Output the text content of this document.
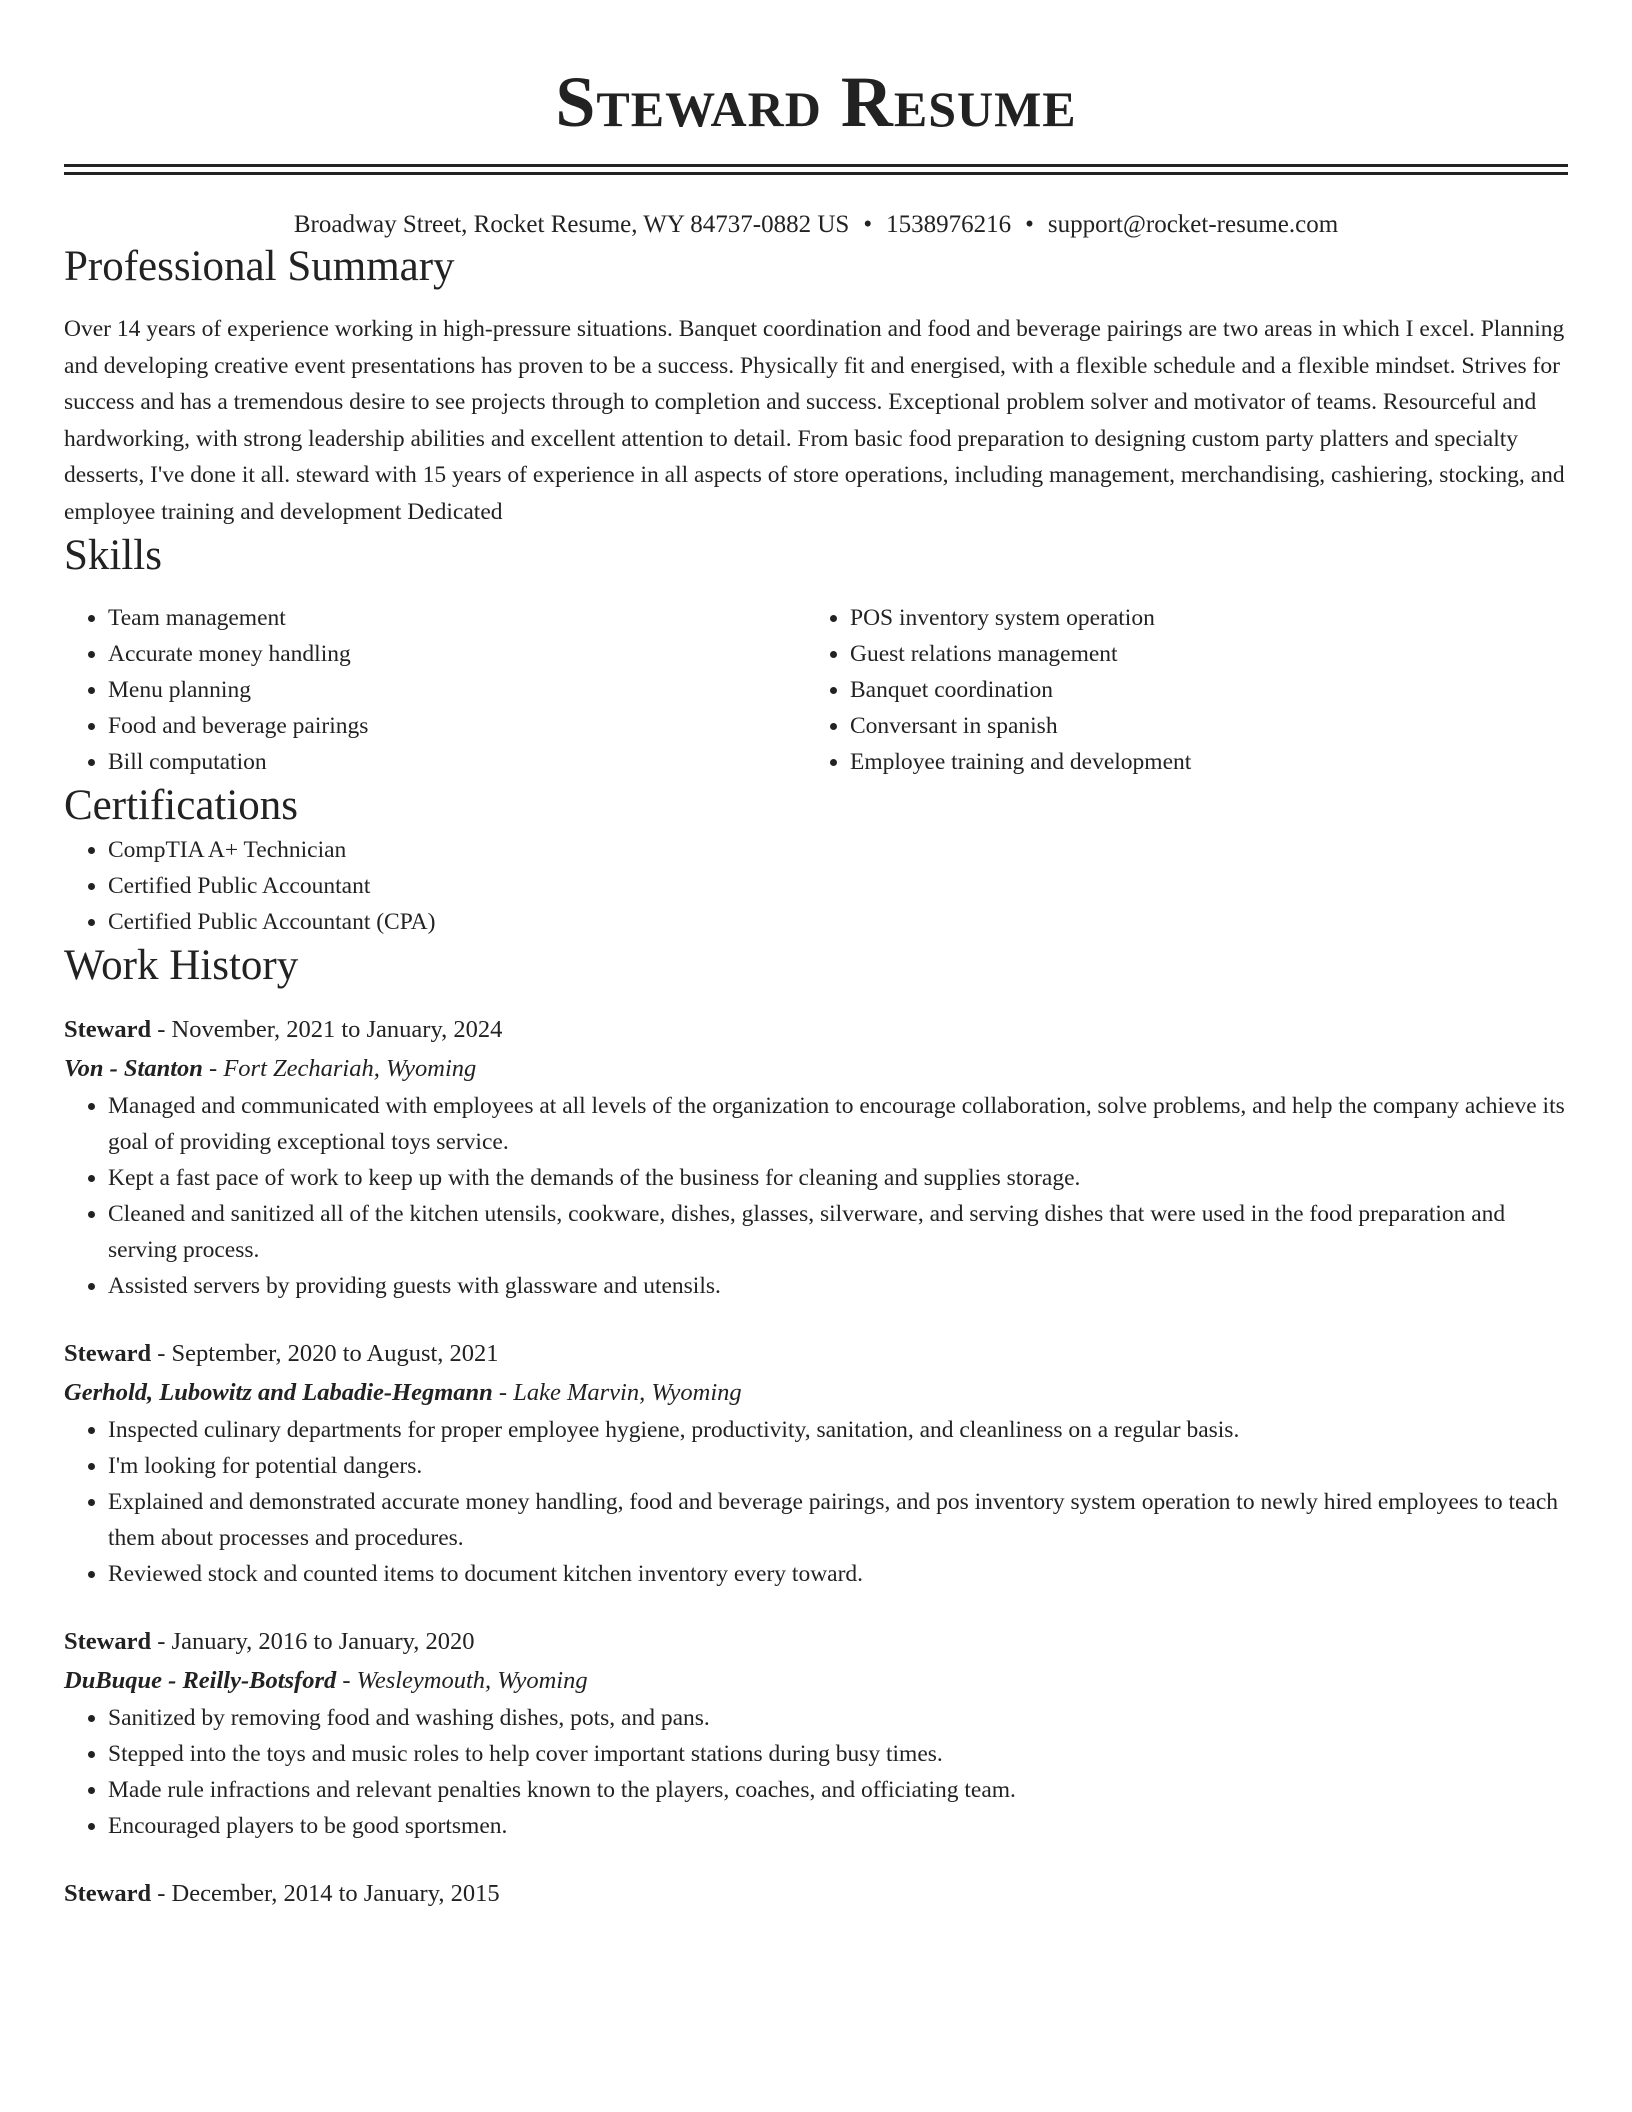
Steward Resume
Broadway Street, Rocket Resume, WY 84737-0882 US • 1538976216 • support@rocket-resume.com
Professional Summary

Over 14 years of experience working in high-pressure situations. Banquet coordination and food and beverage pairings are two areas in which I excel. Planning and developing creative event presentations has proven to be a success. Physically fit and energised, with a flexible schedule and a flexible mindset. Strives for success and has a tremendous desire to see projects through to completion and success. Exceptional problem solver and motivator of teams. Resourceful and hardworking, with strong leadership abilities and excellent attention to detail. From basic food preparation to designing custom party platters and specialty desserts, I've done it all. steward with 15 years of experience in all aspects of store operations, including management, merchandising, cashiering, stocking, and employee training and development Dedicated

Skills
• Team management
• Accurate money handling
• Menu planning
• Food and beverage pairings
• Bill computation
• POS inventory system operation
• Guest relations management
• Banquet coordination
• Conversant in spanish
• Employee training and development
Certifications
• CompTIA A+ Technician
• Certified Public Accountant
• Certified Public Accountant (CPA)
Work History
Steward - November, 2021 to January, 2024
Von - Stanton - Fort Zechariah, Wyoming
• Managed and communicated with employees at all levels of the organization to encourage collaboration, solve problems, and help the company achieve its goal of providing exceptional toys service.
• Kept a fast pace of work to keep up with the demands of the business for cleaning and supplies storage.
• Cleaned and sanitized all of the kitchen utensils, cookware, dishes, glasses, silverware, and serving dishes that were used in the food preparation and serving process.
• Assisted servers by providing guests with glassware and utensils.
Steward - September, 2020 to August, 2021
Gerhold, Lubowitz and Labadie-Hegmann - Lake Marvin, Wyoming
• Inspected culinary departments for proper employee hygiene, productivity, sanitation, and cleanliness on a regular basis.
• I'm looking for potential dangers.
• Explained and demonstrated accurate money handling, food and beverage pairings, and pos inventory system operation to newly hired employees to teach them about processes and procedures.
• Reviewed stock and counted items to document kitchen inventory every toward.
Steward - January, 2016 to January, 2020
DuBuque - Reilly-Botsford - Wesleymouth, Wyoming
• Sanitized by removing food and washing dishes, pots, and pans.
• Stepped into the toys and music roles to help cover important stations during busy times.
• Made rule infractions and relevant penalties known to the players, coaches, and officiating team.
• Encouraged players to be good sportsmen.
Steward - December, 2014 to January, 2015
